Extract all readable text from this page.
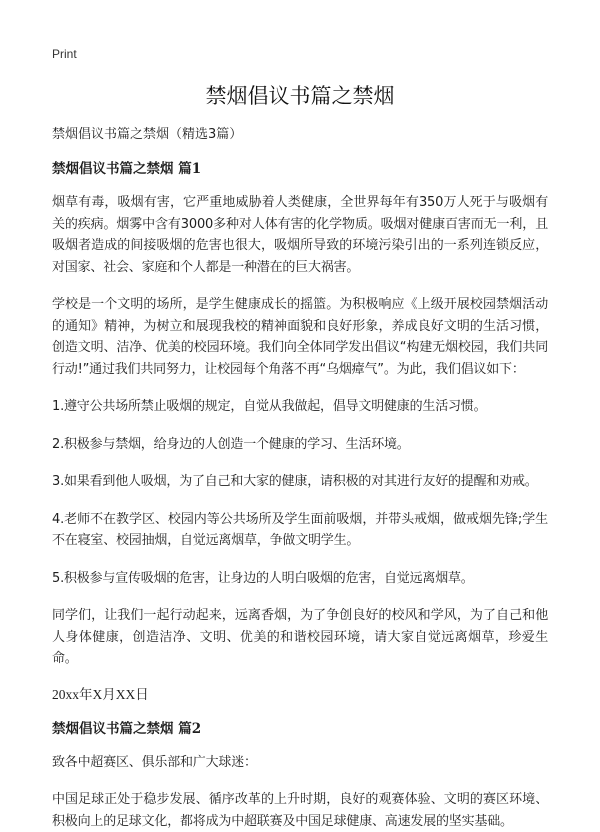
Print
禁烟倡议书篇之禁烟
禁烟倡议书篇之禁烟（精选3篇）
禁烟倡议书篇之禁烟 篇1

烟草有毒，吸烟有害，它严重地威胁着人类健康，全世界每年有350万人死于与吸烟有关的疾病。烟雾中含有3000多种对人体有害的化学物质。吸烟对健康百害而无一利，且吸烟者造成的间接吸烟的危害也很大，吸烟所导致的环境污染引出的一系列连锁反应，对国家、社会、家庭和个人都是一种潜在的巨大祸害。

学校是一个文明的场所，是学生健康成长的摇篮。为积极响应《上级开展校园禁烟活动的通知》精神，为树立和展现我校的精神面貌和良好形象，养成良好文明的生活习惯，创造文明、洁净、优美的校园环境。我们向全体同学发出倡议“构建无烟校园，我们共同行动!”通过我们共同努力，让校园每个角落不再“乌烟瘴气”。为此，我们倡议如下：

1.遵守公共场所禁止吸烟的规定，自觉从我做起，倡导文明健康的生活习惯。

2.积极参与禁烟，给身边的人创造一个健康的学习、生活环境。

3.如果看到他人吸烟，为了自己和大家的健康，请积极的对其进行友好的提醒和劝戒。

4.老师不在教学区、校园内等公共场所及学生面前吸烟，并带头戒烟，做戒烟先锋;学生不在寝室、校园抽烟，自觉远离烟草，争做文明学生。

5.积极参与宣传吸烟的危害，让身边的人明白吸烟的危害，自觉远离烟草。

同学们，让我们一起行动起来，远离香烟，为了争创良好的校风和学风，为了自己和他人身体健康，创造洁净、文明、优美的和谐校园环境，请大家自觉远离烟草，珍爱生命。

20xx年X月XX日
禁烟倡议书篇之禁烟 篇2

致各中超赛区、俱乐部和广大球迷：

中国足球正处于稳步发展、循序改革的上升时期，良好的观赛体验、文明的赛区环境、积极向上的足球文化，都将成为中超联赛及中国足球健康、高速发展的坚实基础。
